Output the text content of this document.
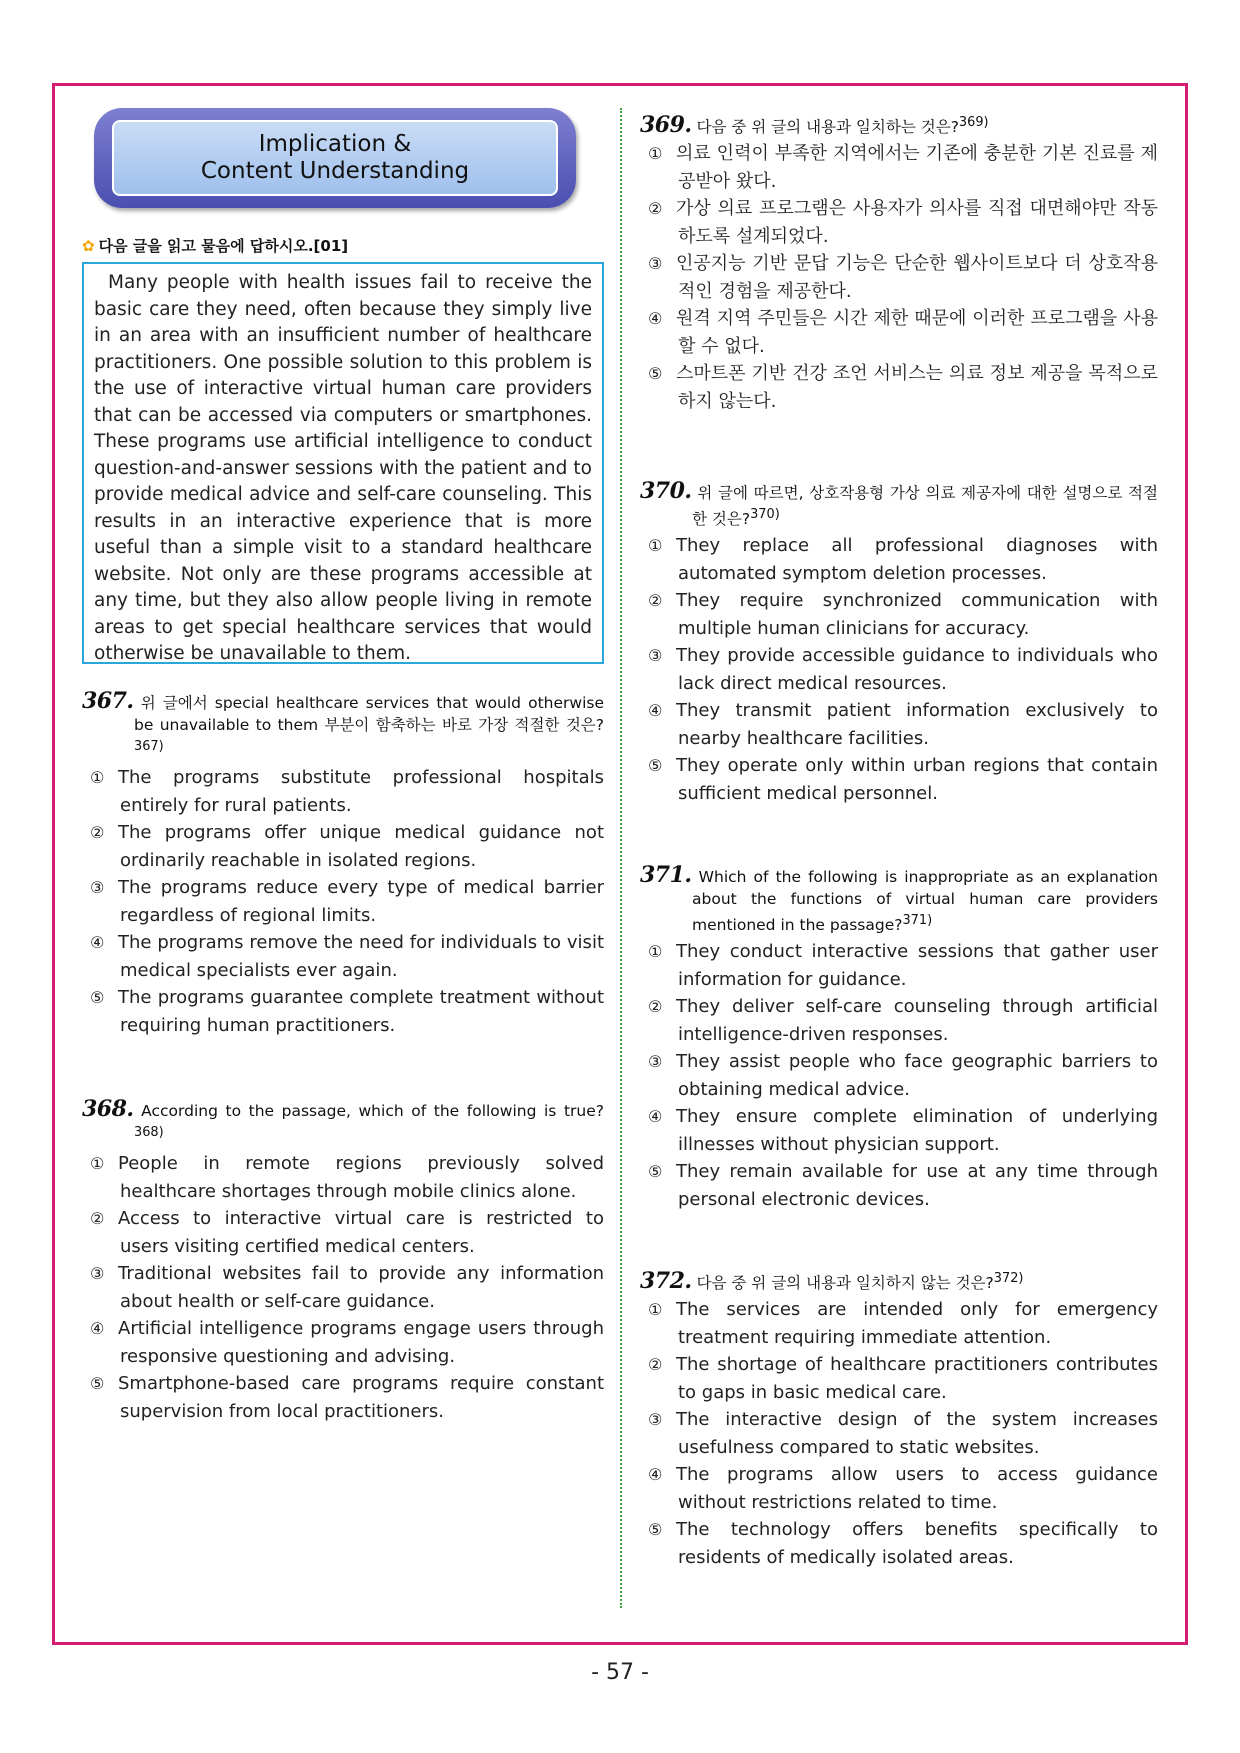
Implication &
Content Understanding
✿ 다음 글을 읽고 물음에 답하시오.[01]

Many people with health issues fail to receive the basic care they need, often because they simply live in an area with an insufficient number of healthcare practitioners. One possible solution to this problem is the use of interactive virtual human care providers that can be accessed via computers or smartphones. These programs use artificial intelligence to conduct question-and-answer sessions with the patient and to provide medical advice and self-care counseling. This results in an interactive experience that is more useful than a simple visit to a standard healthcare website. Not only are these programs accessible at any time, but they also allow people living in remote areas to get special healthcare services that would otherwise be unavailable to them.

367. 위 글에서 special healthcare services that would otherwise be unavailable to them 부분이 함축하는 바로 가장 적절한 것은?$^{367)}$
① The programs substitute professional hospitals entirely for rural patients.
② The programs offer unique medical guidance not ordinarily reachable in isolated regions.
③ The programs reduce every type of medical barrier regardless of regional limits.
④ The programs remove the need for individuals to visit medical specialists ever again.
⑤ The programs guarantee complete treatment without requiring human practitioners.
368. According to the passage, which of the following is true?$^{368)}$
① People in remote regions previously solved healthcare shortages through mobile clinics alone.
② Access to interactive virtual care is restricted to users visiting certified medical centers.
③ Traditional websites fail to provide any information about health or self-care guidance.
④ Artificial intelligence programs engage users through responsive questioning and advising.
⑤ Smartphone-based care programs require constant supervision from local practitioners.
369. 다음 중 위 글의 내용과 일치하는 것은?$^{369)}$
① 의료 인력이 부족한 지역에서는 기존에 충분한 기본 진료를 제공받아 왔다.
② 가상 의료 프로그램은 사용자가 의사를 직접 대면해야만 작동하도록 설계되었다.
③ 인공지능 기반 문답 기능은 단순한 웹사이트보다 더 상호작용적인 경험을 제공한다.
④ 원격 지역 주민들은 시간 제한 때문에 이러한 프로그램을 사용할 수 없다.
⑤ 스마트폰 기반 건강 조언 서비스는 의료 정보 제공을 목적으로 하지 않는다.
370. 위 글에 따르면, 상호작용형 가상 의료 제공자에 대한 설명으로 적절한 것은?$^{370)}$
① They replace all professional diagnoses with automated symptom deletion processes.
② They require synchronized communication with multiple human clinicians for accuracy.
③ They provide accessible guidance to individuals who lack direct medical resources.
④ They transmit patient information exclusively to nearby healthcare facilities.
⑤ They operate only within urban regions that contain sufficient medical personnel.
371. Which of the following is inappropriate as an explanation about the functions of virtual human care providers mentioned in the passage?$^{371)}$
① They conduct interactive sessions that gather user information for guidance.
② They deliver self-care counseling through artificial intelligence-driven responses.
③ They assist people who face geographic barriers to obtaining medical advice.
④ They ensure complete elimination of underlying illnesses without physician support.
⑤ They remain available for use at any time through personal electronic devices.
372. 다음 중 위 글의 내용과 일치하지 않는 것은?$^{372)}$
① The services are intended only for emergency treatment requiring immediate attention.
② The shortage of healthcare practitioners contributes to gaps in basic medical care.
③ The interactive design of the system increases usefulness compared to static websites.
④ The programs allow users to access guidance without restrictions related to time.
⑤ The technology offers benefits specifically to residents of medically isolated areas.
- 57 -
